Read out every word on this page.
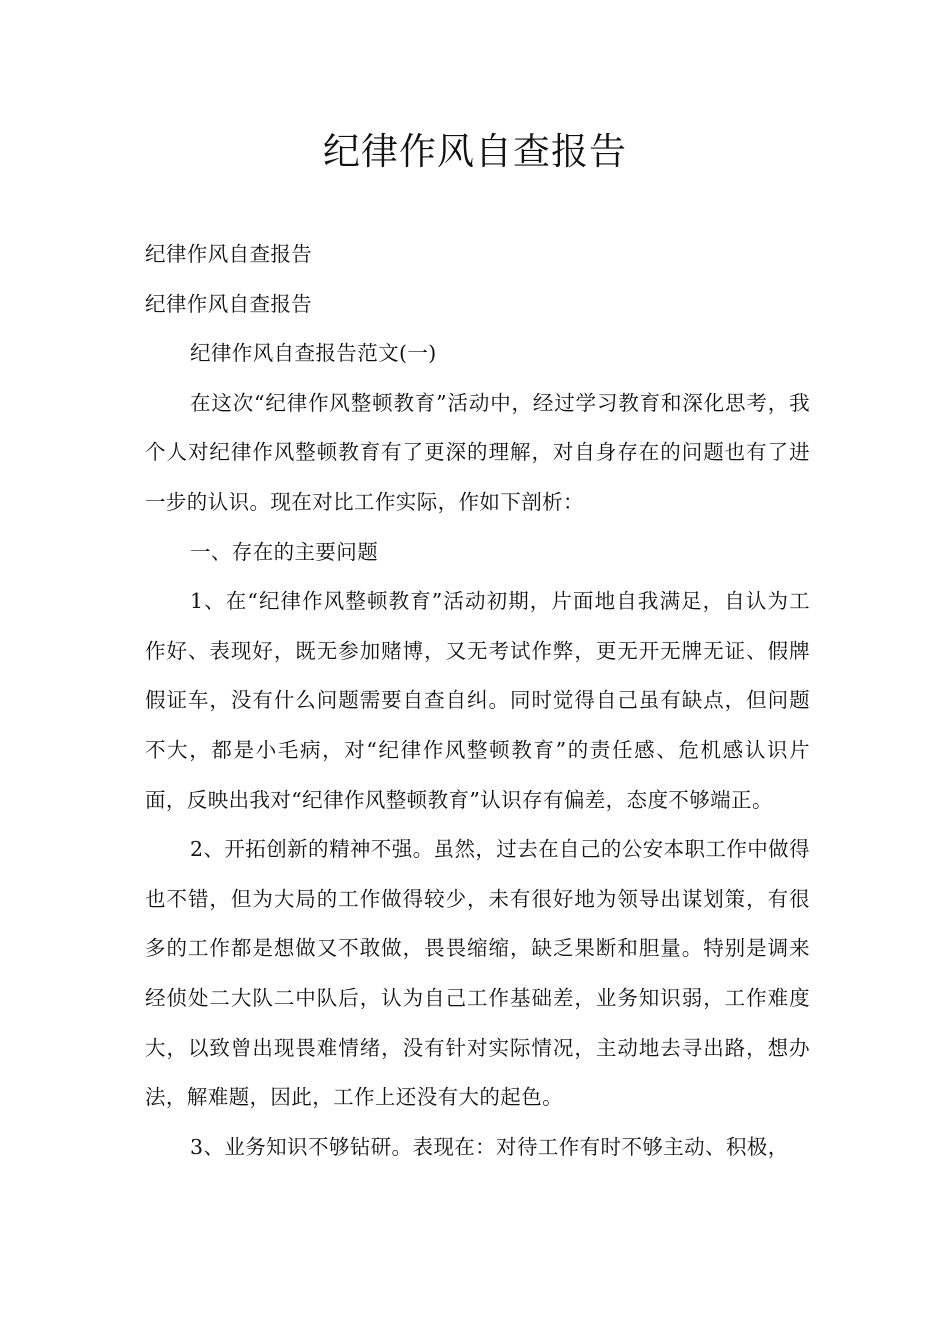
纪律作风自查报告

纪律作风自查报告

纪律作风自查报告

纪律作风自查报告范文(一)

在这次“纪律作风整顿教育”活动中，经过学习教育和深化思考，我个人对纪律作风整顿教育有了更深的理解，对自身存在的问题也有了进一步的认识。现在对比工作实际，作如下剖析：

一、存在的主要问题

1、在“纪律作风整顿教育”活动初期，片面地自我满足，自认为工作好、表现好，既无参加赌博，又无考试作弊，更无开无牌无证、假牌假证车，没有什么问题需要自查自纠。同时觉得自己虽有缺点，但问题不大，都是小毛病，对“纪律作风整顿教育”的责任感、危机感认识片面，反映出我对“纪律作风整顿教育”认识存有偏差，态度不够端正。

2、开拓创新的精神不强。虽然，过去在自己的公安本职工作中做得也不错，但为大局的工作做得较少，未有很好地为领导出谋划策，有很多的工作都是想做又不敢做，畏畏缩缩，缺乏果断和胆量。特别是调来经侦处二大队二中队后，认为自己工作基础差，业务知识弱，工作难度大，以致曾出现畏难情绪，没有针对实际情况，主动地去寻出路，想办法，解难题，因此，工作上还没有大的起色。

3、业务知识不够钻研。表现在：对待工作有时不够主动、积极，
